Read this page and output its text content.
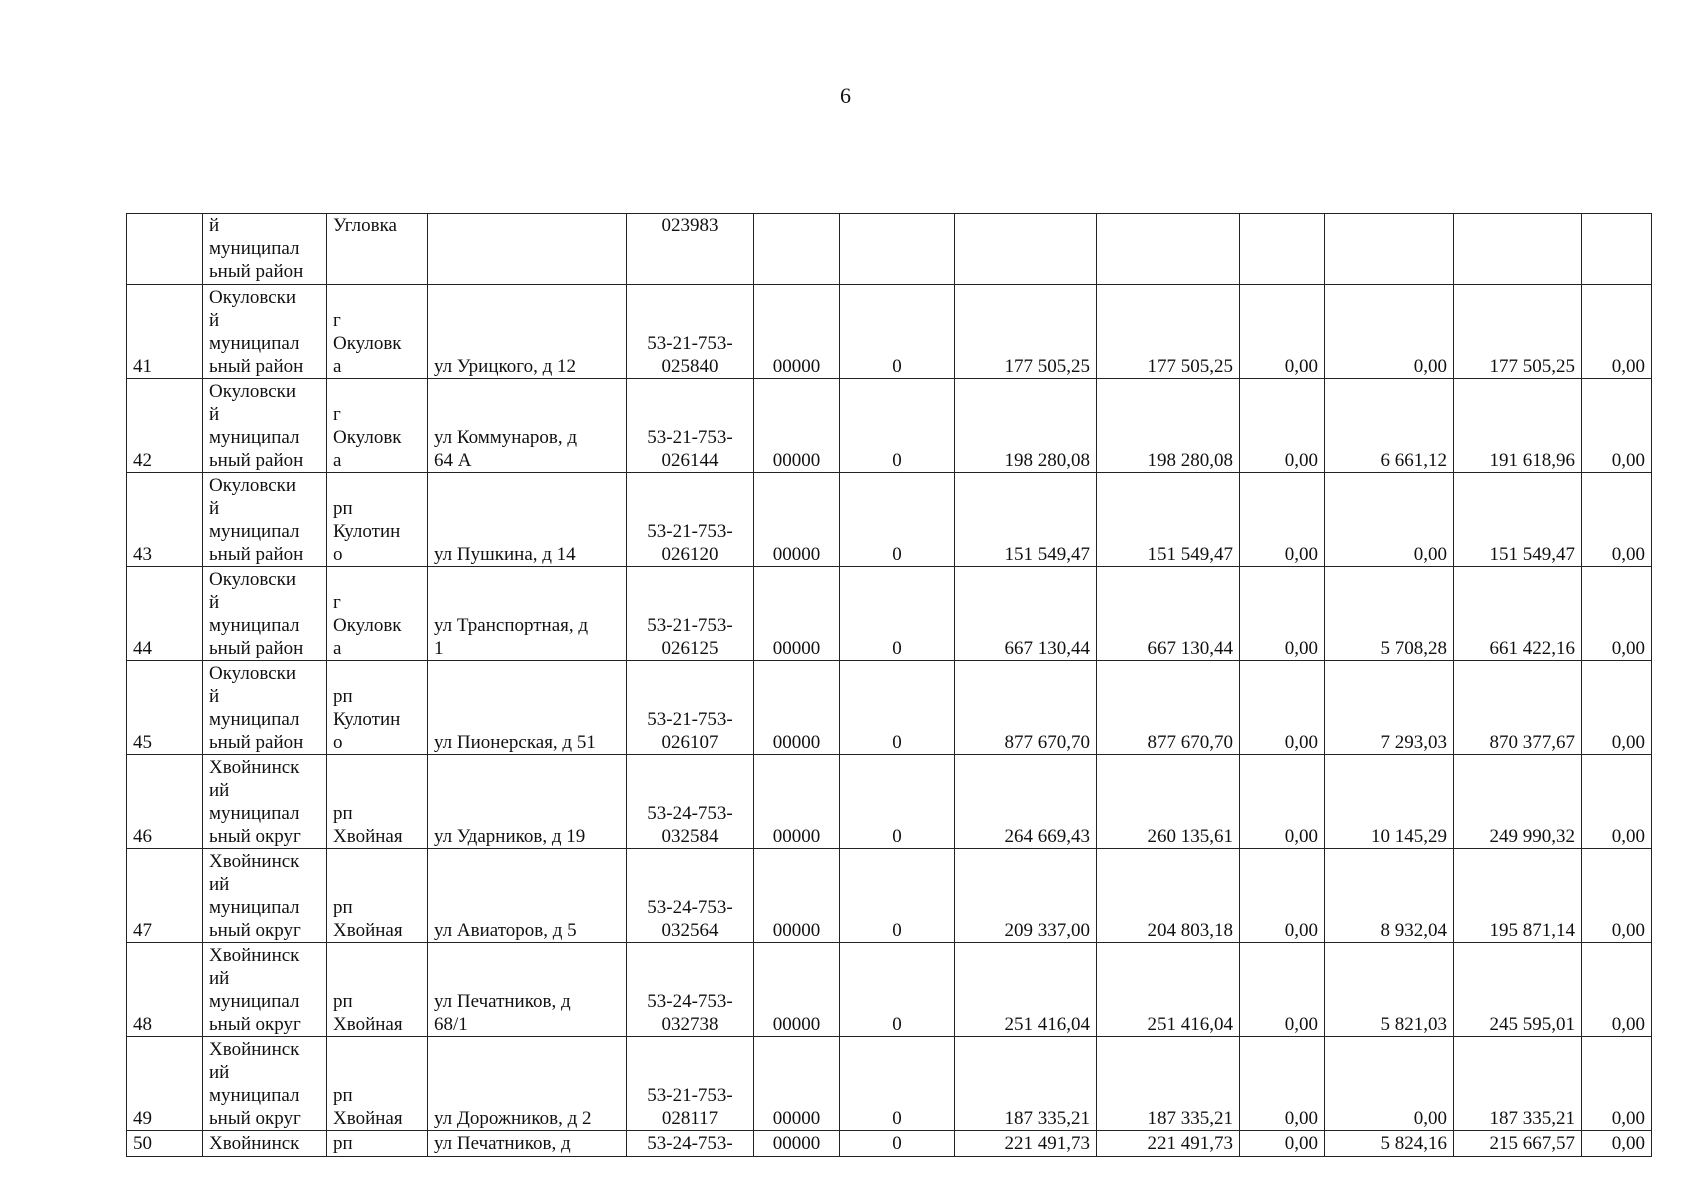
6

	й
муниципал
ьный район	Угловка		023983								

41	Окуловски
й
муниципал
ьный район	г
Окуловк
а	ул Урицкого, д 12	53-21-753-
025840	00000	0	177 505,25	177 505,25	0,00	0,00	177 505,25	0,00

42	Окуловски
й
муниципал
ьный район	г
Окуловк
а	ул Коммунаров, д
64 А	53-21-753-
026144	00000	0	198 280,08	198 280,08	0,00	6 661,12	191 618,96	0,00

43	Окуловски
й
муниципал
ьный район	рп
Кулотин
о	ул Пушкина, д 14	53-21-753-
026120	00000	0	151 549,47	151 549,47	0,00	0,00	151 549,47	0,00

44	Окуловски
й
муниципал
ьный район	г
Окуловк
а	ул Транспортная, д
1	53-21-753-
026125	00000	0	667 130,44	667 130,44	0,00	5 708,28	661 422,16	0,00

45	Окуловски
й
муниципал
ьный район	рп
Кулотин
о	ул Пионерская, д 51	53-21-753-
026107	00000	0	877 670,70	877 670,70	0,00	7 293,03	870 377,67	0,00

46	Хвойнинск
ий
муниципал
ьный округ	рп
Хвойная	ул Ударников, д 19	53-24-753-
032584	00000	0	264 669,43	260 135,61	0,00	10 145,29	249 990,32	0,00

47	Хвойнинск
ий
муниципал
ьный округ	рп
Хвойная	ул Авиаторов, д 5	53-24-753-
032564	00000	0	209 337,00	204 803,18	0,00	8 932,04	195 871,14	0,00

48	Хвойнинск
ий
муниципал
ьный округ	рп
Хвойная	ул Печатников, д
68/1	53-24-753-
032738	00000	0	251 416,04	251 416,04	0,00	5 821,03	245 595,01	0,00

49	Хвойнинск
ий
муниципал
ьный округ	рп
Хвойная	ул Дорожников, д 2	53-21-753-
028117	00000	0	187 335,21	187 335,21	0,00	0,00	187 335,21	0,00

50	Хвойнинск	рп	ул Печатников, д	53-24-753-	00000	0	221 491,73	221 491,73	0,00	5 824,16	215 667,57	0,00
